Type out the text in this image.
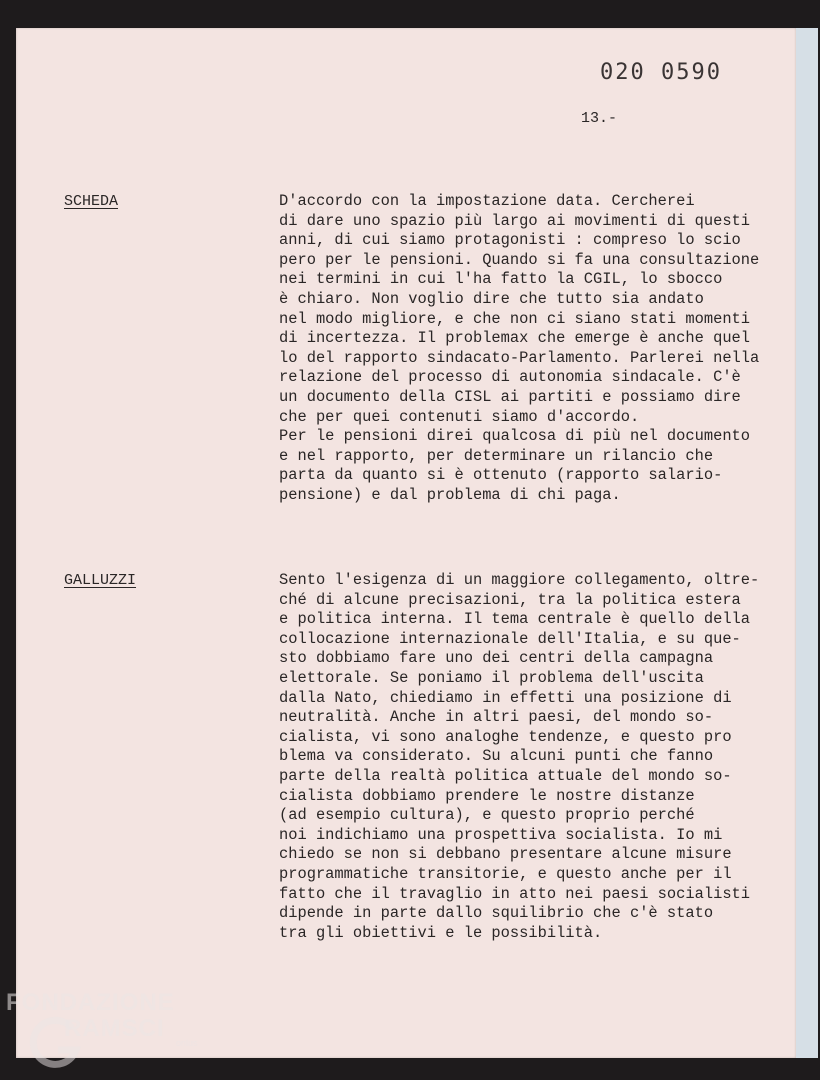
020 0590
13.-
SCHEDA	D'accordo con la impostazione data. Cercherei
di dare uno spazio più largo ai movimenti di questi
anni, di cui siamo protagonisti : compreso lo scio
pero per le pensioni. Quando si fa una consultazione
nei termini in cui l'ha fatto la CGIL, lo sbocco
è chiaro. Non voglio dire che tutto sia andato
nel modo migliore, e che non ci siano stati momenti
di incertezza. Il problemax che emerge è anche quel
lo del rapporto sindacato-Parlamento. Parlerei nella
relazione del processo di autonomia sindacale. C'è
un documento della CISL ai partiti e possiamo dire
che per quei contenuti siamo d'accordo.
Per le pensioni direi qualcosa di più nel documento
e nel rapporto, per determinare un rilancio che
parta da quanto si è ottenuto (rapporto salario-
pensione) e dal problema di chi paga.
GALLUZZI	Sento l'esigenza di un maggiore collegamento, oltre-
ché di alcune precisazioni, tra la politica estera
e politica interna. Il tema centrale è quello della
collocazione internazionale dell'Italia, e su que-
sto dobbiamo fare uno dei centri della campagna
elettorale. Se poniamo il problema dell'uscita
dalla Nato, chiediamo in effetti una posizione di
neutralità. Anche in altri paesi, del mondo so-
cialista, vi sono analoghe tendenze, e questo pro
blema va considerato. Su alcuni punti che fanno
parte della realtà politica attuale del mondo so-
cialista dobbiamo prendere le nostre distanze
(ad esempio cultura), e questo proprio perché
noi indichiamo una prospettiva socialista. Io mi
chiedo se non si debbano presentare alcune misure
programmatiche transitorie, e questo anche per il
fatto che il travaglio in atto nei paesi socialisti
dipende in parte dallo squilibrio che c'è stato
tra gli obiettivi e le possibilità.
FONDAZIONE
RAMSCI
onlus
